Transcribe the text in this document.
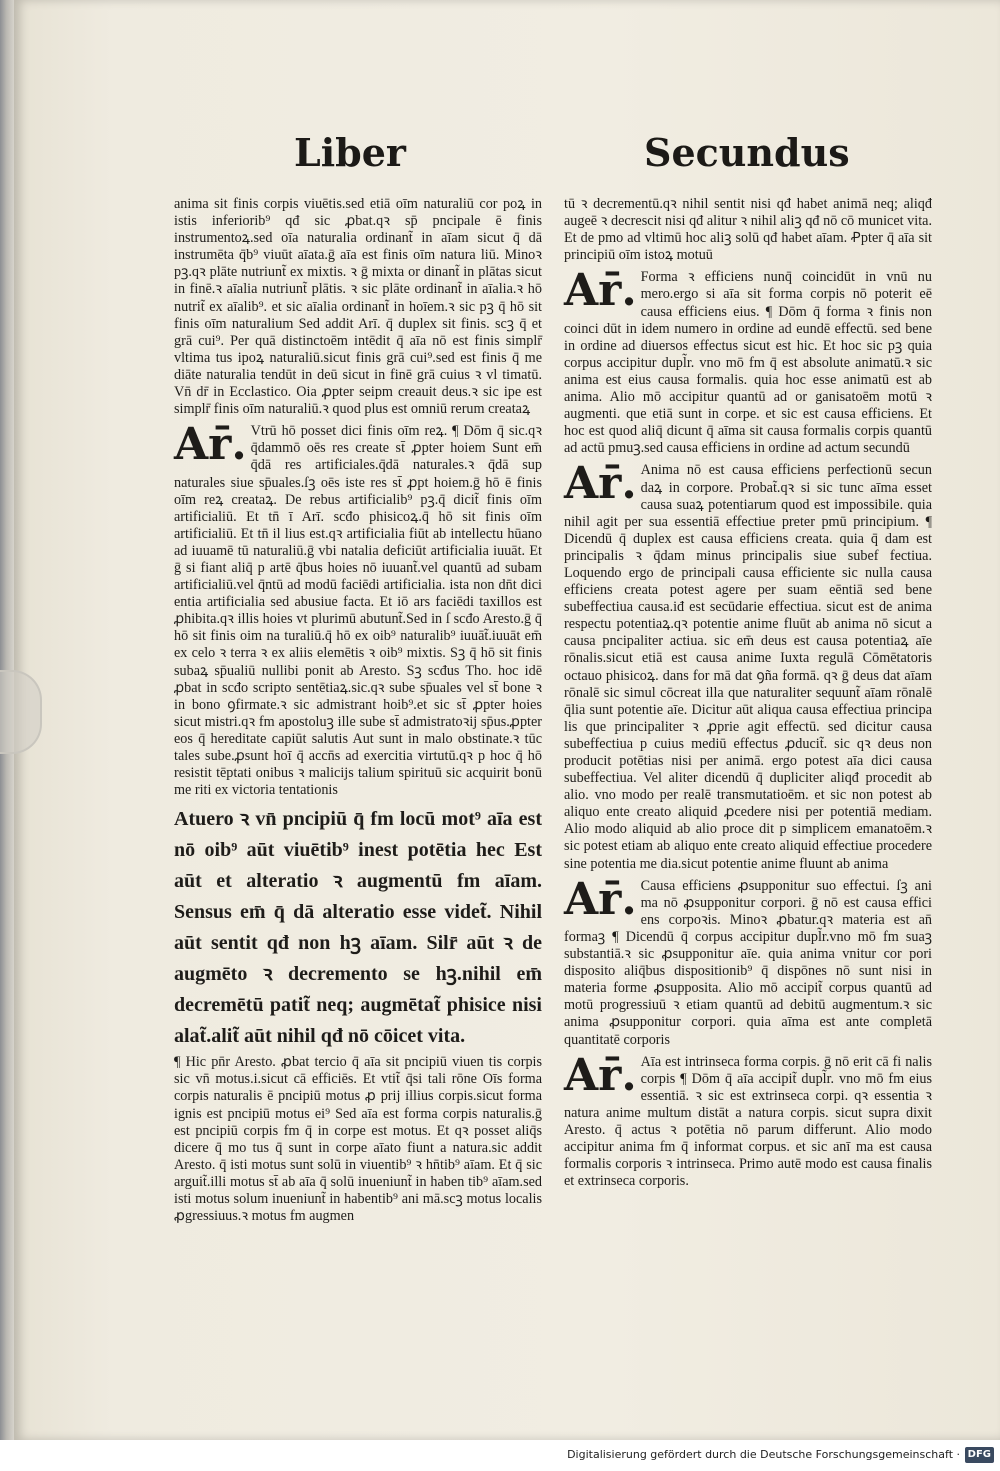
Liber	Secundus
anima sit finis corpis viuētis.sed etiā oīm naturaliū cor poꝝ in istis inferiorib⁹ qđ sic ꝓbat.qꝛ sp̄ pncipale ē finis instrumentoꝝ.sed oīa naturalia ordinant̃ in aīam sicut q̄ dā instrumēta q̄b⁹ viuūt aīata.ḡ aīa est finis oīm natura liū. Minoꝛ pꝫ.qꝛ plāte nutriunt̃ ex mixtis. ꝛ ḡ mixta or dinant̃ in plātas sicut in finē.ꝛ aīalia nutriunt̃ plātis. ꝛ sic plāte ordinant̃ in aīalia.ꝛ hō nutrit̃ ex aīalib⁹. et sic aīalia ordinant̃ in hoīem.ꝛ sic pꝫ q̄ hō sit finis oīm naturalium Sed addit Arī. q̄ duplex sit finis. scꝫ q̄ et grā cui⁹. Per quā distinctoēm intēdit q̄ aīa nō est finis simplr̄ vltima tus ipoꝝ naturaliū.sicut finis grā cui⁹.sed est finis q̄ me diāte naturalia tendūt in deū sicut in finē grā cuius ꝛ vl timatū. Vn̄ dr̄ in Ecclastico. Oia ꝓpter seipm creauit deus.ꝛ sic ipe est simplr̄ finis oīm naturaliū.ꝛ quod plus est omniū rerum creataꝝ
Ar̄. Vtrū hō posset dici finis oīm reꝝ. ¶ Dōm q̄ sic.qꝛ q̄dammō oēs res create st̄ ꝓpter hoiem Sunt em̄ q̄dā res artificiales.q̄dā naturales.ꝛ q̄dā sup naturales siue sp̄uales.ſꝫ oēs iste res st̄ ꝓpt hoiem.ḡ hō ē finis oīm reꝝ creataꝝ. De rebus artificialib⁹ pꝫ.q̄ dicit̃ finis oīm artificialiū. Et tn̄ ī Arī. scđo phisicoꝝ.q̄ hō sit finis oīm artificialiū. Et tn̄ il lius est.qꝛ artificialia fiūt ab intellectu hūano ad iuuamē tū naturaliū.ḡ vbi natalia deficiūt artificialia iuuāt. Et ḡ si fiant aliq̄ p artē q̄bus hoies nō iuuant̃.vel quantū ad subam artificialiū.vel q̄ntū ad modū faciēdi artificialia. ista non dn̄t dici entia artificialia sed abusiue facta. Et iō ars faciēdi taxillos est ꝓhibita.qꝛ illis hoies vt plurimū abutunt̃.Sed in ſ scđo Aresto.ḡ q̄ hō sit finis oim na turaliū.q̄ hō ex oib⁹ naturalib⁹ iuuāt̃.iuuāt em̄ ex celo ꝛ terra ꝛ ex aliis elemētis ꝛ oib⁹ mixtis. Sꝫ q̄ hō sit finis subaꝝ sp̄ualiū nullibi ponit ab Aresto. Sꝫ scđus Tho. hoc idē ꝓbat in scđo scripto sentētiaꝝ.sic.qꝛ sube sp̄uales vel st̄ bone ꝛ in bono ꝯfirmate.ꝛ sic admistrant hoib⁹.et sic st̄ ꝓpter hoies sicut mistri.qꝛ fm apostoluꝫ ille sube st̄ admistratoꝛij sp̄us.ꝓpter eos q̄ hereditate capiūt salutis Aut sunt in malo obstinate.ꝛ tūc tales sube.ꝓsunt hoī q̄ accn̄s ad exercitia virtutū.qꝛ p hoc q̄ hō resistit tēptati onibus ꝛ malicijs talium spirituū sic acquirit bonū me riti ex victoria tentationis
Atuero ꝛ vn̄ pncipiū q̄ fm locū mot⁹ aīa est nō oib⁹ aūt viuētib⁹ inest potētia hec Est aūt et alteratio ꝛ augmentū fm aīam. Sensus em̄ q̄ dā alteratio esse videt̃. Nihil aūt sentit qđ non hꝫ aīam. Silr̄ aūt ꝛ de augmēto ꝛ decremento se hꝫ.nihil em̄ decremētū patit̃ neq; augmētat̃ phisice nisi alat̃.alit̃ aūt nihil qđ nō cōicet vita.
¶ Hic pn̄r Aresto. ꝓbat tercio q̄ aīa sit pncipiū viuen tis corpis sic vn̄ motus.i.sicut cā efficiēs. Et vtit̃ q̄si tali rōne Oīs forma corpis naturalis ē pncipiū motus ꝓ prij illius corpis.sicut forma ignis est pncipiū motus ei⁹ Sed aīa est forma corpis naturalis.ḡ est pncipiū corpis fm q̄ in corpe est motus. Et qꝛ posset aliq̄s dicere q̄ mo tus q̄ sunt in corpe aīato fiunt a natura.sic addit Aresto. q̄ isti motus sunt solū in viuentib⁹ ꝛ hn̄tib⁹ aīam. Et q̄ sic arguit̃.illi motus st̄ ab aīa q̄ solū inueniunt̃ in haben tib⁹ aīam.sed isti motus solum inueniunt̃ in habentib⁹ ani mā.scꝫ motus localis ꝓgressiuus.ꝛ motus fm augmen
tū ꝛ decrementū.qꝛ nihil sentit nisi qđ habet animā neq; aliqđ augeē ꝛ decrescit nisi qđ alitur ꝛ nihil aliꝫ qđ nō cō municet vita. Et de pmo ad vltimū hoc aliꝫ solū qđ habet aīam. Ꝓpter q̄ aīa sit principiū oīm istoꝝ motuū
Ar̄. Forma ꝛ efficiens nunq̄ coincidūt in vnū nu mero.ergo si aīa sit forma corpis nō poterit eē causa efficiens eius. ¶ Dōm q̄ forma ꝛ finis non coinci dūt in idem numero in ordine ad eundē effectū. sed bene in ordine ad diuersos effectus sicut est hic. Et hoc sic pꝫ quia corpus accipitur dupl̃r. vno mō fm q̄ est absolute animatū.ꝛ sic anima est eius causa formalis. quia hoc esse animatū est ab anima. Alio mō accipitur quantū ad or ganisatoēm motū ꝛ augmenti. que etiā sunt in corpe. et sic est causa efficiens. Et hoc est quod aliq̄ dicunt q̄ aīma sit causa formalis corpis quantū ad actū pmuꝫ.sed causa efficiens in ordine ad actum secundū
Ar̄. Anima nō est causa efficiens perfectionū secun daꝝ in corpore. Probat̃.qꝛ si sic tunc aīma esset causa suaꝝ potentiarum quod est impossibile. quia nihil agit per sua essentiā effectiue preter pmū principium. ¶ Dicendū q̄ duplex est causa efficiens creata. quia q̄ dam est principalis ꝛ q̄dam minus principalis siue subef fectiua. Loquendo ergo de principali causa efficiente sic nulla causa efficiens creata potest agere per suam eēntiā sed bene subeffectiua causa.iđ est secūdarie effectiua. sicut est de anima respectu potentiaꝝ.qꝛ potentie anime fluūt ab anima nō sicut a causa pncipaliter actiua. sic em̄ deus est causa potentiaꝝ aīe rōnalis.sicut etiā est causa anime Iuxta regulā Cōmētatoris octauo phisicoꝝ. dans for mā dat ꝯña formā. qꝛ ḡ deus dat aīam rōnalē sic simul cōcreat illa que naturaliter sequunt̃ aīam rōnalē q̄lia sunt potentie aīe. Dicitur aūt aliqua causa effectiua principa lis que principaliter ꝛ ꝓprie agit effectū. sed dicitur causa subeffectiua p cuius mediū effectus ꝓducit̃. sic qꝛ deus non producit potētias nisi per animā. ergo potest aīa dici causa subeffectiua. Vel aliter dicendū q̄ dupliciter aliqđ procedit ab alio. vno modo per realē transmutatioēm. et sic non potest ab aliquo ente creato aliquid ꝓcedere nisi per potentiā mediam. Alio modo aliquid ab alio proce dit p simplicem emanatoēm.ꝛ sic potest etiam ab aliquo ente creato aliquid effectiue procedere sine potentia me dia.sicut potentie anime fluunt ab anima
Ar̄. Causa efficiens ꝓsupponitur suo effectui. ſꝫ ani ma nō ꝓsupponitur corpori. ḡ nō est causa effici ens corpoꝛis. Minoꝛ ꝓbatur.qꝛ materia est an̄ formaꝫ ¶ Dicendū q̄ corpus accipitur dupl̃r.vno mō fm suaꝫ substantiā.ꝛ sic ꝓsupponitur aīe. quia anima vnitur cor pori disposito aliq̄bus dispositionib⁹ q̄ dispōnes nō sunt nisi in materia forme ꝓsupposita. Alio mō accipit̃ corpus quantū ad motū progressiuū ꝛ etiam quantū ad debitū augmentum.ꝛ sic anima ꝓsupponitur corpori. quia aīma est ante completā quantitatē corporis
Ar̄. Aīa est intrinseca forma corpis. ḡ nō erit cā fi nalis corpis ¶ Dōm q̄ aīa accipit̃ dupl̃r. vno mō fm eius essentiā. ꝛ sic est extrinseca corpi. qꝛ essentia ꝛ natura anime multum distāt a natura corpis. sicut supra dixit Aresto. q̄ actus ꝛ potētia nō parum differunt. Alio modo accipitur anima fm q̄ informat corpus. et sic anī ma est causa formalis corporis ꝛ intrinseca. Primo autē modo est causa finalis et extrinseca corporis.
Digitalisierung gefördert durch die Deutsche Forschungsgemeinschaft · DFG
